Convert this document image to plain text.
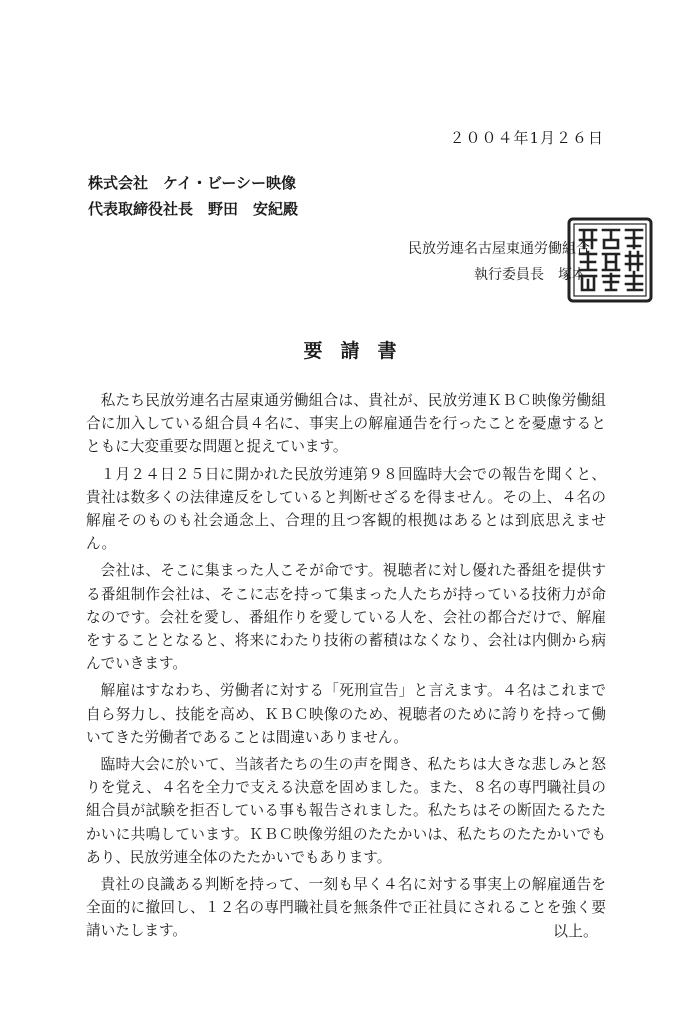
２００４年1月２６日
株式会社　ケイ・ビーシー映像
代表取締役社長　野田　安紀殿
民放労連名古屋東通労働組合
執行委員長　塚本
要請書

私たち民放労連名古屋東通労働組合は、貴社が、民放労連ＫＢＣ映像労働組合に加入している組合員４名に、事実上の解雇通告を行ったことを憂慮するとともに大変重要な問題と捉えています。

１月２４日２５日に開かれた民放労連第９８回臨時大会での報告を聞くと、貴社は数多くの法律違反をしていると判断せざるを得ません。その上、４名の解雇そのものも社会通念上、合理的且つ客観的根拠はあるとは到底思えません。

会社は、そこに集まった人こそが命です。視聴者に対し優れた番組を提供する番組制作会社は、そこに志を持って集まった人たちが持っている技術力が命なのです。会社を愛し、番組作りを愛している人を、会社の都合だけで、解雇をすることとなると、将来にわたり技術の蓄積はなくなり、会社は内側から病んでいきます。

解雇はすなわち、労働者に対する「死刑宣告」と言えます。４名はこれまで自ら努力し、技能を高め、ＫＢＣ映像のため、視聴者のために誇りを持って働いてきた労働者であることは間違いありません。

臨時大会に於いて、当該者たちの生の声を聞き、私たちは大きな悲しみと怒りを覚え、４名を全力で支える決意を固めました。また、８名の専門職社員の組合員が試験を拒否している事も報告されました。私たちはその断固たるたたかいに共鳴しています。ＫＢＣ映像労組のたたかいは、私たちのたたかいでもあり、民放労連全体のたたかいでもあります。

貴社の良識ある判断を持って、一刻も早く４名に対する事実上の解雇通告を全面的に撤回し、１２名の専門職社員を無条件で正社員にされることを強く要請いたします。	以上。
